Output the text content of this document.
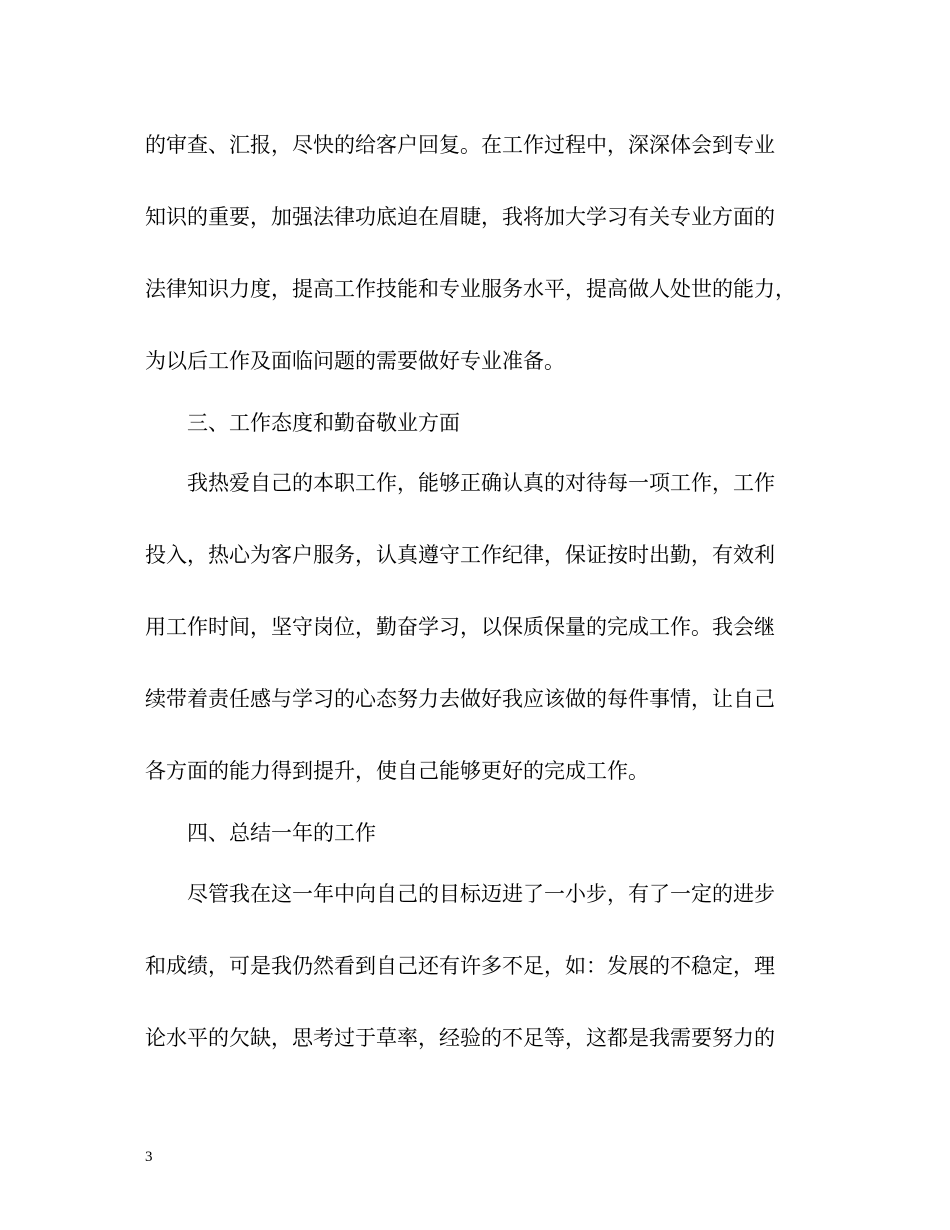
的审查、汇报，尽快的给客户回复。在工作过程中，深深体会到专业
知识的重要，加强法律功底迫在眉睫，我将加大学习有关专业方面的
法律知识力度，提高工作技能和专业服务水平，提高做人处世的能力，
为以后工作及面临问题的需要做好专业准备。
三、工作态度和勤奋敬业方面
我热爱自己的本职工作，能够正确认真的对待每一项工作，工作
投入，热心为客户服务，认真遵守工作纪律，保证按时出勤，有效利
用工作时间，坚守岗位，勤奋学习，以保质保量的完成工作。我会继
续带着责任感与学习的心态努力去做好我应该做的每件事情，让自己
各方面的能力得到提升，使自己能够更好的完成工作。
四、总结一年的工作
尽管我在这一年中向自己的目标迈进了一小步，有了一定的进步
和成绩，可是我仍然看到自己还有许多不足，如：发展的不稳定，理
论水平的欠缺，思考过于草率，经验的不足等，这都是我需要努力的
3
